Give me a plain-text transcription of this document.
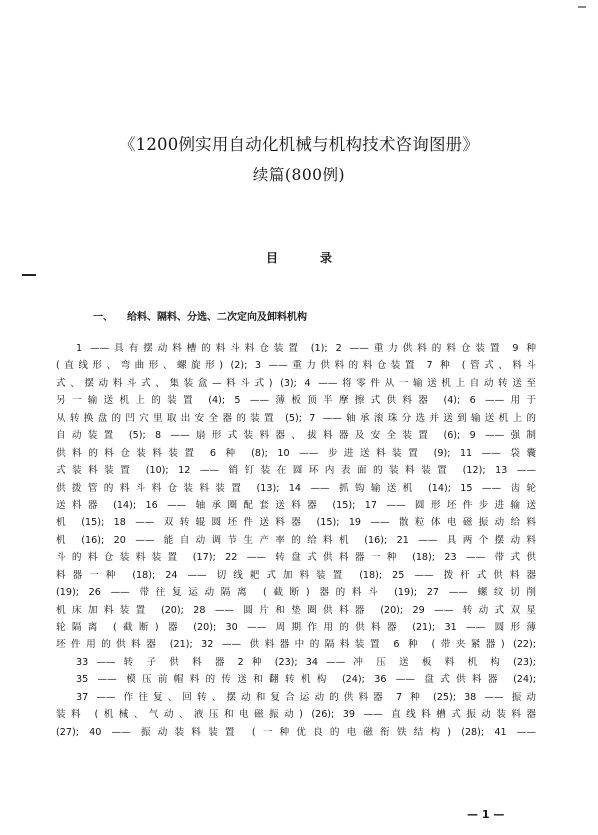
《1200例实用自动化机械与机构技术咨询图册》
续篇(800例)
目	录
一、 给料、隔料、分选、二次定向及卸料机构
1 ——具有摆动料槽的料斗料仓装置 (1); 2 ——重力供料的料仓装置 9 种
(直线形、弯曲形、螺旋形) (2); 3 ——重力供料的料仓装置 7 种 (管式、料斗
式、摆动料斗式、集装盒—料斗式) (3); 4 ——将零件从一输送机上自动转送至
另一输送机上的装置 (4); 5 ——薄板顶半摩擦式供料器 (4); 6 ——用于
从转换盘的凹穴里取出安全器的装置 (5); 7 ——轴承滚珠分选并送到输送机上的
自动装置 (5); 8 ——扇形式装料器、拔料器及安全装置 (6); 9 ——强制
供料的料仓装料装置 6 种 (8); 10 —— 步进送料装置 (9); 11 —— 袋囊
式装料装置 (10); 12 —— 销钉装在圆环内表面的装料装置 (12); 13 ——
供拨管的料斗料仓装料装置 (13); 14 —— 抓钩输送机 (14); 15 —— 齿轮
送料器 (14); 16 —— 轴承圈配套送料器 (15); 17 —— 圆形坯件步进输送
机 (15); 18 —— 双转辊圆坯件送料器 (15); 19 —— 散粒体电磁振动给料
机 (16); 20 —— 能自动调节生产率的给料机 (16); 21 —— 具两个摆动料
斗的料仓装料装置 (17); 22 —— 转盘式供料器一种 (18); 23 —— 带式供
料器一种 (18); 24 —— 切线耙式加料装置 (18); 25 —— 拨杆式供料器
(19); 26 —— 带往复运动隔离 (截断) 器的料斗 (19); 27 —— 螺纹切削
机床加料装置 (20); 28 —— 圆片和垫圈供料器 (20); 29 —— 转动式双星
轮隔离 (截断) 器 (20); 30 —— 周期作用的供料器 (21); 31 —— 圆形薄
坯件用的供料器 (21); 32 —— 供料器中的隔料装置 6 种 (带夹紧器) (22);
33 —— 转 子 供 料 器 2 种 (23); 34 —— 冲 压 送 板 料 机 构 (23);
35 —— 模压前帽料的传送和翻转机构 (24); 36 —— 盘式供料器 (24);
37 —— 作往复、回转、摆动和复合运动的供料器 7 种 (25); 38 —— 振动
装料 (机械、气动、液压和电磁振动) (26); 39 —— 直线料槽式振动装料器
(27); 40 —— 振动装料装置 (一种优良的电磁衔铁结构) (28); 41 ——
— 1 —
